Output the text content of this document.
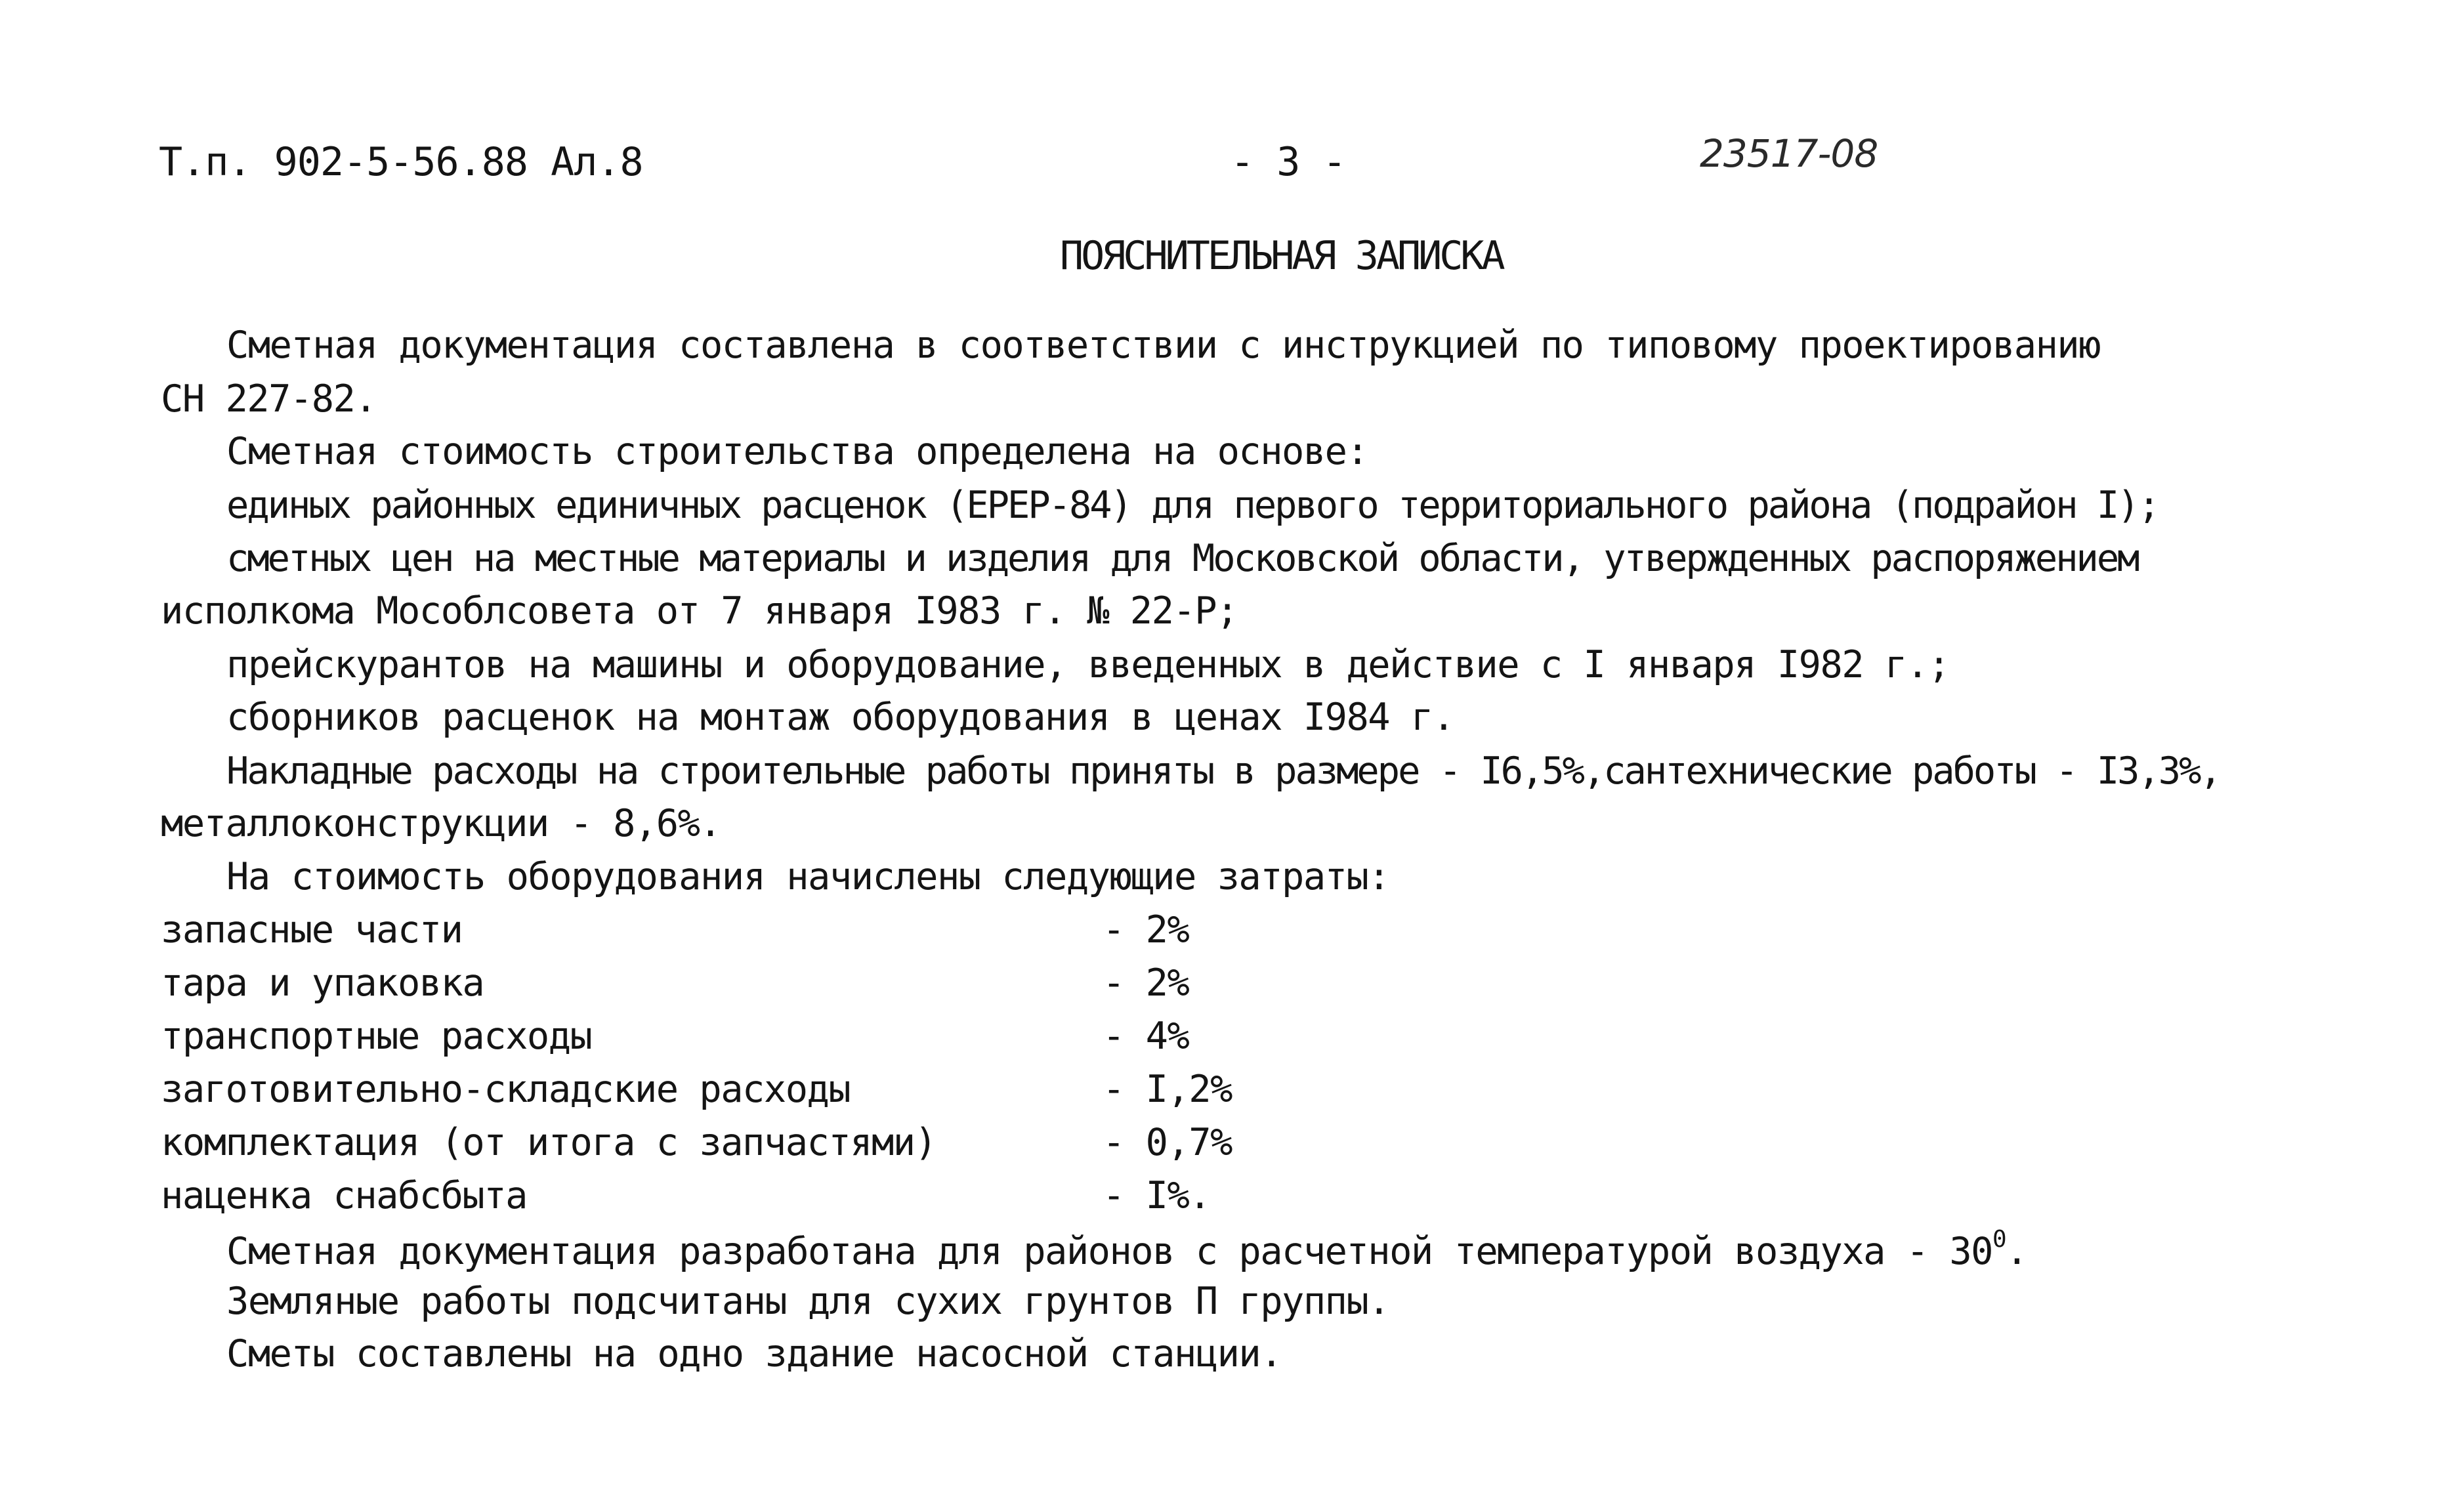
Т.п. 902-5-56.88 Ал.8	- 3 -	23517-08
ПОЯСНИТЕЛЬНАЯ ЗАПИСКА
Сметная документация составлена в соответствии с инструкцией по типовому проектированию
СН 227-82.
Сметная стоимость строительства определена на основе:
единых районных единичных расценок (ЕРЕР-84) для первого территориального района (подрайон I);
сметных цен на местные материалы и изделия для Московской области, утвержденных распоряжением
исполкома Мособлсовета от 7 января I983 г. № 22-Р;
прейскурантов на машины и оборудование, введенных в действие с I января I982 г.;
сборников расценок на монтаж оборудования в ценах I984 г.
Накладные расходы на строительные работы приняты в размере - I6,5%,сантехнические работы - I3,3%,
металлоконструкции - 8,6%.
На стоимость оборудования начислены следующие затраты:
запасные части	- 2%
тара и упаковка	- 2%
транспортные расходы	- 4%
заготовительно-складские расходы	- I,2%
комплектация (от итога с запчастями)	- 0,7%
наценка снабсбыта	- I%.
Сметная документация разработана для районов с расчетной температурой воздуха - $30^0$.
Земляные работы подсчитаны для сухих грунтов П группы.
Сметы составлены на одно здание насосной станции.
